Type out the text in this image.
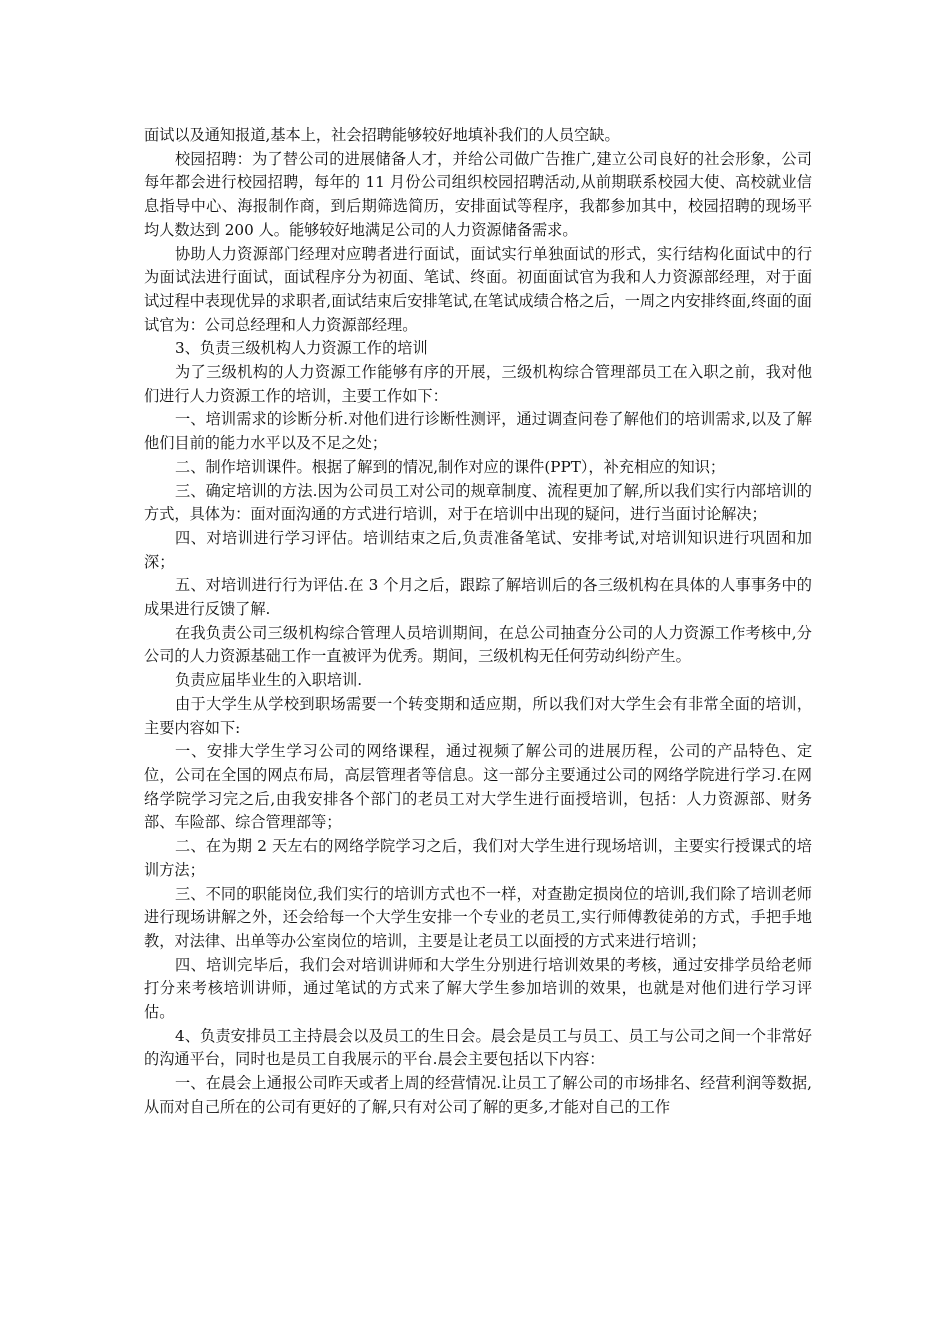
面试以及通知报道,基本上，社会招聘能够较好地填补我们的人员空缺。

校园招聘：为了替公司的进展储备人才，并给公司做广告推广,建立公司良好的社会形象，公司每年都会进行校园招聘，每年的 11 月份公司组织校园招聘活动,从前期联系校园大使、高校就业信息指导中心、海报制作商，到后期筛选简历，安排面试等程序，我都参加其中，校园招聘的现场平均人数达到 200 人。能够较好地满足公司的人力资源储备需求。

协助人力资源部门经理对应聘者进行面试，面试实行单独面试的形式，实行结构化面试中的行为面试法进行面试，面试程序分为初面、笔试、终面。初面面试官为我和人力资源部经理，对于面试过程中表现优异的求职者,面试结束后安排笔试,在笔试成绩合格之后，一周之内安排终面,终面的面试官为：公司总经理和人力资源部经理。

3、负责三级机构人力资源工作的培训

为了三级机构的人力资源工作能够有序的开展，三级机构综合管理部员工在入职之前，我对他们进行人力资源工作的培训，主要工作如下：

一、培训需求的诊断分析.对他们进行诊断性测评，通过调查问卷了解他们的培训需求,以及了解他们目前的能力水平以及不足之处；

二、制作培训课件。根据了解到的情况,制作对应的课件(PPT），补充相应的知识；

三、确定培训的方法.因为公司员工对公司的规章制度、流程更加了解,所以我们实行内部培训的方式，具体为：面对面沟通的方式进行培训，对于在培训中出现的疑问，进行当面讨论解决；

四、对培训进行学习评估。培训结束之后,负责准备笔试、安排考试,对培训知识进行巩固和加深；

五、对培训进行行为评估.在 3 个月之后，跟踪了解培训后的各三级机构在具体的人事事务中的成果进行反馈了解.

在我负责公司三级机构综合管理人员培训期间，在总公司抽查分公司的人力资源工作考核中,分公司的人力资源基础工作一直被评为优秀。期间，三级机构无任何劳动纠纷产生。

负责应届毕业生的入职培训.

由于大学生从学校到职场需要一个转变期和适应期，所以我们对大学生会有非常全面的培训，主要内容如下:

一、安排大学生学习公司的网络课程，通过视频了解公司的进展历程，公司的产品特色、定位，公司在全国的网点布局，高层管理者等信息。这一部分主要通过公司的网络学院进行学习.在网络学院学习完之后,由我安排各个部门的老员工对大学生进行面授培训，包括：人力资源部、财务部、车险部、综合管理部等；

二、在为期 2 天左右的网络学院学习之后，我们对大学生进行现场培训，主要实行授课式的培训方法；

三、不同的职能岗位,我们实行的培训方式也不一样，对查勘定损岗位的培训,我们除了培训老师进行现场讲解之外，还会给每一个大学生安排一个专业的老员工,实行师傅教徒弟的方式，手把手地教，对法律、出单等办公室岗位的培训，主要是让老员工以面授的方式来进行培训；

四、培训完毕后，我们会对培训讲师和大学生分别进行培训效果的考核，通过安排学员给老师打分来考核培训讲师，通过笔试的方式来了解大学生参加培训的效果，也就是对他们进行学习评估。

4、负责安排员工主持晨会以及员工的生日会。晨会是员工与员工、员工与公司之间一个非常好的沟通平台，同时也是员工自我展示的平台.晨会主要包括以下内容：

一、在晨会上通报公司昨天或者上周的经营情况.让员工了解公司的市场排名、经营利润等数据,从而对自己所在的公司有更好的了解,只有对公司了解的更多,才能对自己的工作
